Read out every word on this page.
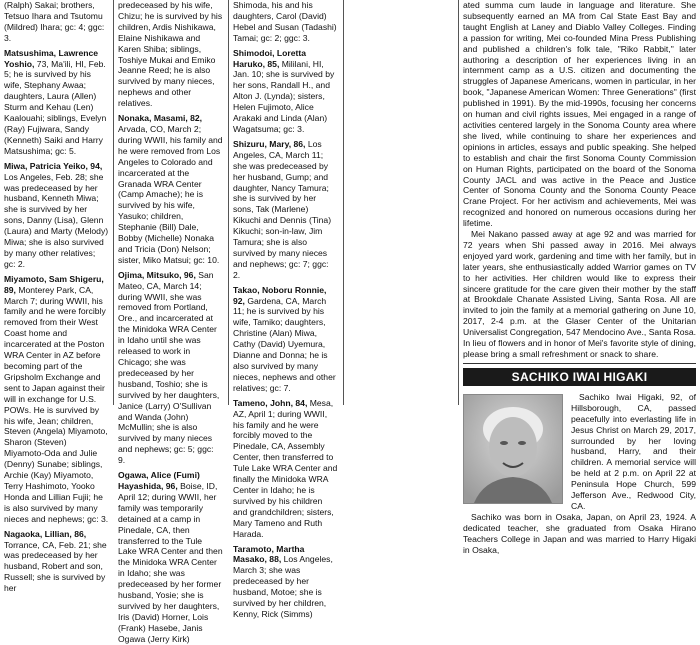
(Ralph) Sakai; brothers, Tetsuo Ihara and Tsutomu (Mildred) Ihara; gc: 4; ggc: 3.
Matsushima, Lawrence Yoshio, 73, Ma'ili, HI, Feb. 5; he is survived by his wife, Stephany Awaa; daughters, Laura (Allen) Sturm and Kehau (Len) Kaalouahi; siblings, Evelyn (Ray) Fujiwara, Sandy (Kenneth) Saiki and Harry Matsushima; gc: 5.
Miwa, Patricia Yeiko, 94, Los Angeles, Feb. 28; she was predeceased by her husband, Kenneth Miwa; she is survived by her sons, Danny (Lisa), Glenn (Laura) and Marty (Melody) Miwa; she is also survived by many other relatives; gc: 2.
Miyamoto, Sam Shigeru, 89, Monterey Park, CA, March 7; during WWII, his family and he were forcibly removed from their West Coast home and incarcerated at the Poston WRA Center in AZ before becoming part of the Gripsholm Exchange and sent to Japan against their will in exchange for U.S. POWs. He is survived by his wife, Jean; children, Steven (Angela) Miyamoto, Sharon (Steven) Miyamoto-Oda and Julie (Denny) Sunabe; siblings, Archie (Kay) Miyamoto, Terry Hashimoto, Yooko Honda and Lillian Fujii; he is also survived by many nieces and nephews; gc: 3.
Nagaoka, Lillian, 86, Torrance, CA, Feb. 21; she was predeceased by her husband, Robert and son, Russell; she is survived by her
predeceased by his wife, Chizu; he is survived by his children, Ardis Nishikawa, Elaine Nishikawa and Karen Shiba; siblings, Toshiye Mukai and Emiko Jeanne Reed; he is also survived by many nieces, nephews and other relatives.
Nonaka, Masami, 82, Arvada, CO, March 2; during WWII, his family and he were removed from Los Angeles to Colorado and incarcerated at the Granada WRA Center (Camp Amache); he is survived by his wife, Yasuko; children, Stephanie (Bill) Dale, Bobby (Michelle) Nonaka and Tricia (Don) Nelson; sister, Miko Matsui; gc: 10.
Ojima, Mitsuko, 96, San Mateo, CA, March 14; during WWII, she was removed from Portland, Ore., and incarcerated at the Minidoka WRA Center in Idaho until she was released to work in Chicago; she was predeceased by her husband, Toshio; she is survived by her daughters, Janice (Larry) O'Sullivan and Wanda (John) McMullin; she is also survived by many nieces and nephews; gc: 5; ggc: 9.
Ogawa, Alice (Fumi) Hayashida, 96, Boise, ID, April 12; during WWII, her family was temporarily detained at a camp in Pinedale, CA, then transferred to the Tule Lake WRA Center and then the Minidoka WRA Center in Idaho; she was predeceased by her former husband, Yosie; she is survived by her daughters, Iris (David) Horner, Lois (Frank) Hasebe, Janis Ogawa (Jerry Kirk)
Shimoda, his and his daughters, Carol (David) Hebel and Susan (Tadashi) Tamai; gc: 2; ggc: 3.
Shimodoi, Loretta Haruko, 85, Mililani, HI, Jan. 10; she is survived by her sons, Randall H., and Alton J. (Lynda); sisters, Helen Fujimoto, Alice Arakaki and Linda (Alan) Wagatsuma; gc: 3.
Shizuru, Mary, 86, Los Angeles, CA, March 11; she was predeceased by her husband, Gump; and daughter, Nancy Tamura; she is survived by her sons, Tak (Marlene) Kikuchi and Dennis (Tina) Kikuchi; son-in-law, Jim Tamura; she is also survived by many nieces and nephews; gc: 7; ggc: 2.
Takao, Noboru Ronnie, 92, Gardena, CA, March 11; he is survived by his wife, Tamiko; daughters, Christine (Alan) Miwa, Cathy (David) Uyemura, Dianne and Donna; he is also survived by many nieces, nephews and other relatives; gc: 7.
Tameno, John, 84, Mesa, AZ, April 1; during WWII, his family and he were forcibly moved to the Pinedale, CA, Assembly Center, then transferred to Tule Lake WRA Center and finally the Minidoka WRA Center in Idaho; he is survived by his children and grandchildren; sisters, Mary Tameno and Ruth Harada.
Taramoto, Martha Masako, 88, Los Angeles, March 3; she was predeceased by her husband, Motoe; she is survived by her children, Kenny, Rick (Simms)

ated summa cum laude in language and literature. She subsequently earned an MA from Cal State East Bay and taught English at Laney and Diablo Valley Colleges. Finding a passion for writing, Mei co-founded Mina Press Publishing and published a children's folk tale, "Riko Rabbit," later authoring a description of her experiences living in an internment camp as a U.S. citizen and documenting the struggles of Japanese Americans, women in particular, in her book, "Japanese American Women: Three Generations" (first published in 1991). By the mid-1990s, focusing her concerns on human and civil rights issues, Mei engaged in a range of activities centered largely in the Sonoma County area where she lived, while continuing to share her experiences and opinions in articles, essays and public speaking. She helped to establish and chair the first Sonoma County Commission on Human Rights, participated on the board of the Sonoma County JACL and was active in the Peace and Justice Center of Sonoma County and the Sonoma County Peace Crane Project. For her activism and achievements, Mei was recognized and honored on numerous occasions during her lifetime.

Mei Nakano passed away at age 92 and was married for 72 years when Shi passed away in 2016. Mei always enjoyed yard work, gardening and time with her family, but in later years, she enthusiastically added Warrior games on TV to her activities. Her children would like to express their sincere gratitude for the care given their mother by the staff at Brookdale Chanate Assisted Living, Santa Rosa. All are invited to join the family at a memorial gathering on June 10, 2017, 2-4 p.m. at the Glaser Center of the Unitarian Universalist Congregation, 547 Mendocino Ave., Santa Rosa. In lieu of flowers and in honor of Mei's favorite style of dining, please bring a small refreshment or snack to share.

SACHIKO IWAI HIGAKI

Sachiko Iwai Higaki, 92, of Hillsborough, CA, passed peacefully into everlasting life in Jesus Christ on March 29, 2017, surrounded by her loving husband, Harry, and their children. A memorial service will be held at 2 p.m. on April 22 at Peninsula Hope Church, 599 Jefferson Ave., Redwood City, CA.

Sachiko was born in Osaka, Japan, on April 23, 1924. A dedicated teacher, she graduated from Osaka Hirano Teachers College in Japan and was married to Harry Higaki in Osaka,
